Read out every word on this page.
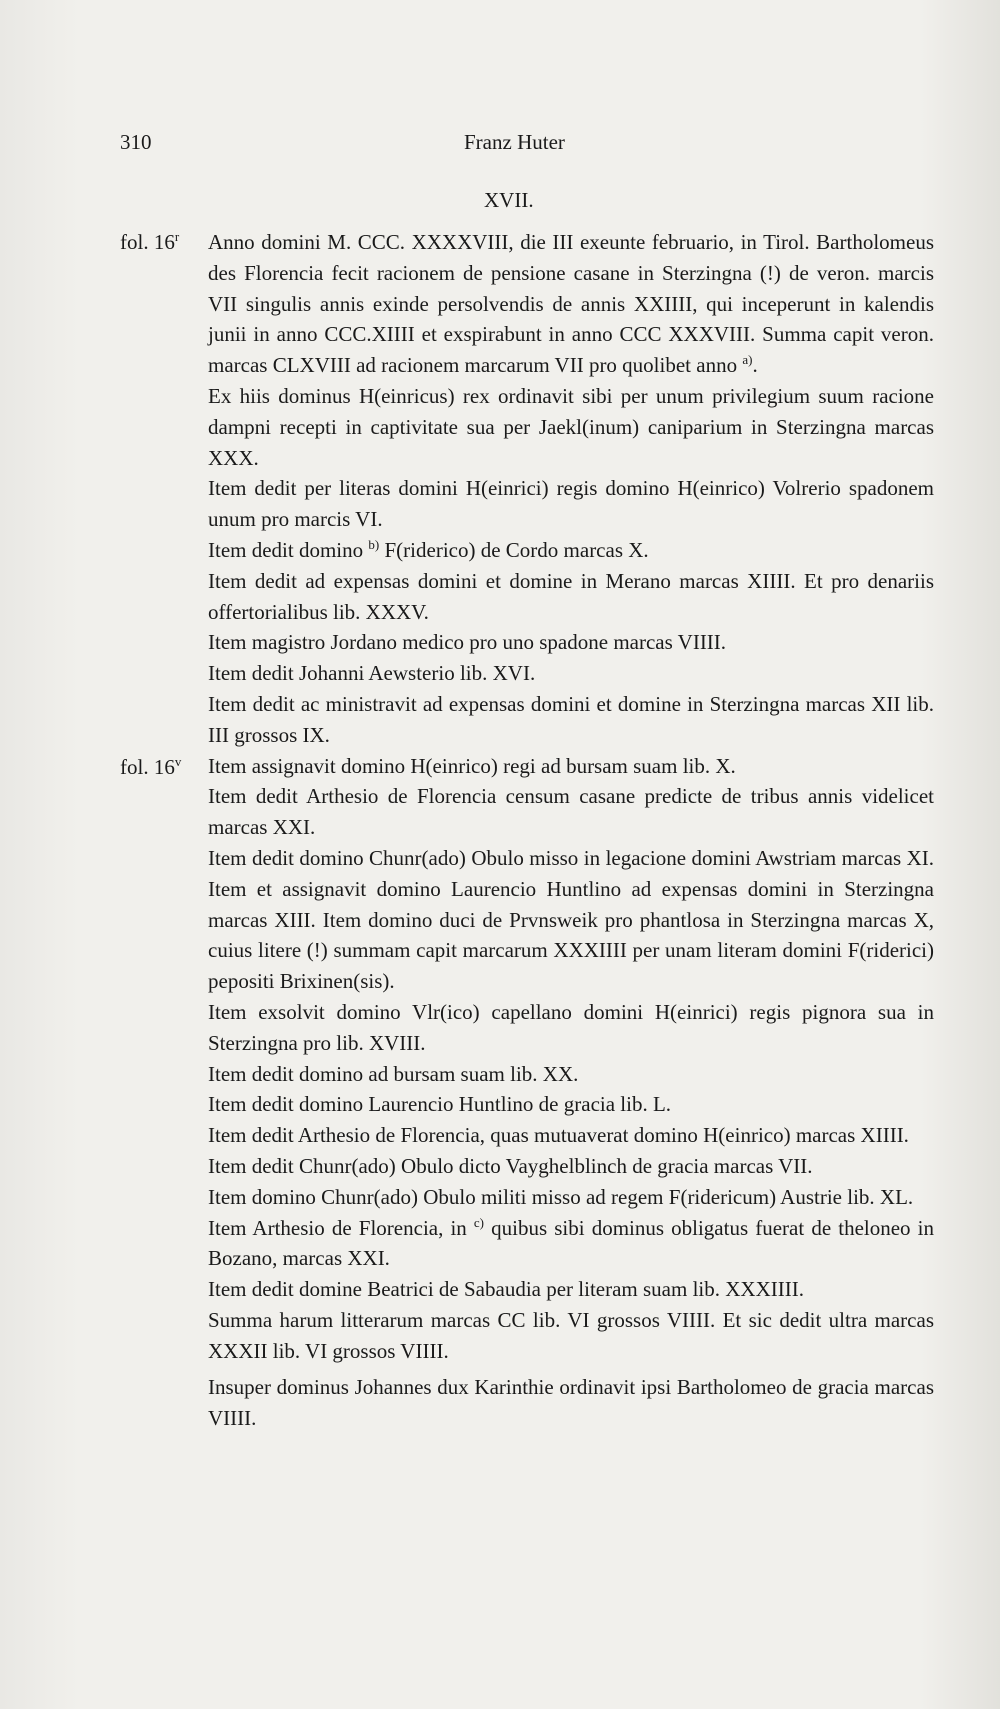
310	Franz Huter
XVII.
fol. 16$^r$
fol. 16$^v$

Anno domini M. CCC. XXXXVIII, die III exeunte februario, in Tirol. Bartholomeus des Florencia fecit racionem de pensione casane in Sterzingna (!) de veron. marcis VII singulis annis exinde persolvendis de annis XXIIII, qui inceperunt in kalendis junii in anno CCC.XIIII et exspirabunt in anno CCC XXXVIII. Summa capit veron. marcas CLXVIII ad racionem marcarum VII pro quolibet anno $^{a)}$.

Ex hiis dominus H(einricus) rex ordinavit sibi per unum privilegium suum racione dampni recepti in captivitate sua per Jaekl(inum) caniparium in Sterzingna marcas XXX.

Item dedit per literas domini H(einrici) regis domino H(einrico) Volrerio spadonem unum pro marcis VI.

Item dedit domino $^{b)}$ F(riderico) de Cordo marcas X.

Item dedit ad expensas domini et domine in Merano marcas XIIII. Et pro denariis offertorialibus lib. XXXV.

Item magistro Jordano medico pro uno spadone marcas VIIII.

Item dedit Johanni Aewsterio lib. XVI.

Item dedit ac ministravit ad expensas domini et domine in Sterzingna marcas XII lib. III grossos IX.

Item assignavit domino H(einrico) regi ad bursam suam lib. X.

Item dedit Arthesio de Florencia censum casane predicte de tribus annis videlicet marcas XXI.

Item dedit domino Chunr(ado) Obulo misso in legacione domini Awstriam marcas XI. Item et assignavit domino Laurencio Huntlino ad expensas domini in Sterzingna marcas XIII. Item domino duci de Prvnsweik pro phantlosa in Sterzingna marcas X, cuius litere (!) summam capit marcarum XXXIIII per unam literam domini F(riderici) pepositi Brixinen(sis).

Item exsolvit domino Vlr(ico) capellano domini H(einrici) regis pignora sua in Sterzingna pro lib. XVIII.

Item dedit domino ad bursam suam lib. XX.

Item dedit domino Laurencio Huntlino de gracia lib. L.

Item dedit Arthesio de Florencia, quas mutuaverat domino H(einrico) marcas XIIII.

Item dedit Chunr(ado) Obulo dicto Vayghelblinch de gracia marcas VII.

Item domino Chunr(ado) Obulo militi misso ad regem F(ridericum) Austrie lib. XL.

Item Arthesio de Florencia, in $^{c)}$ quibus sibi dominus obligatus fuerat de theloneo in Bozano, marcas XXI.

Item dedit domine Beatrici de Sabaudia per literam suam lib. XXXIIII.

Summa harum litterarum marcas CC lib. VI grossos VIIII. Et sic dedit ultra marcas XXXII lib. VI grossos VIIII.

Insuper dominus Johannes dux Karinthie ordinavit ipsi Bartholomeo de gracia marcas VIIII.
